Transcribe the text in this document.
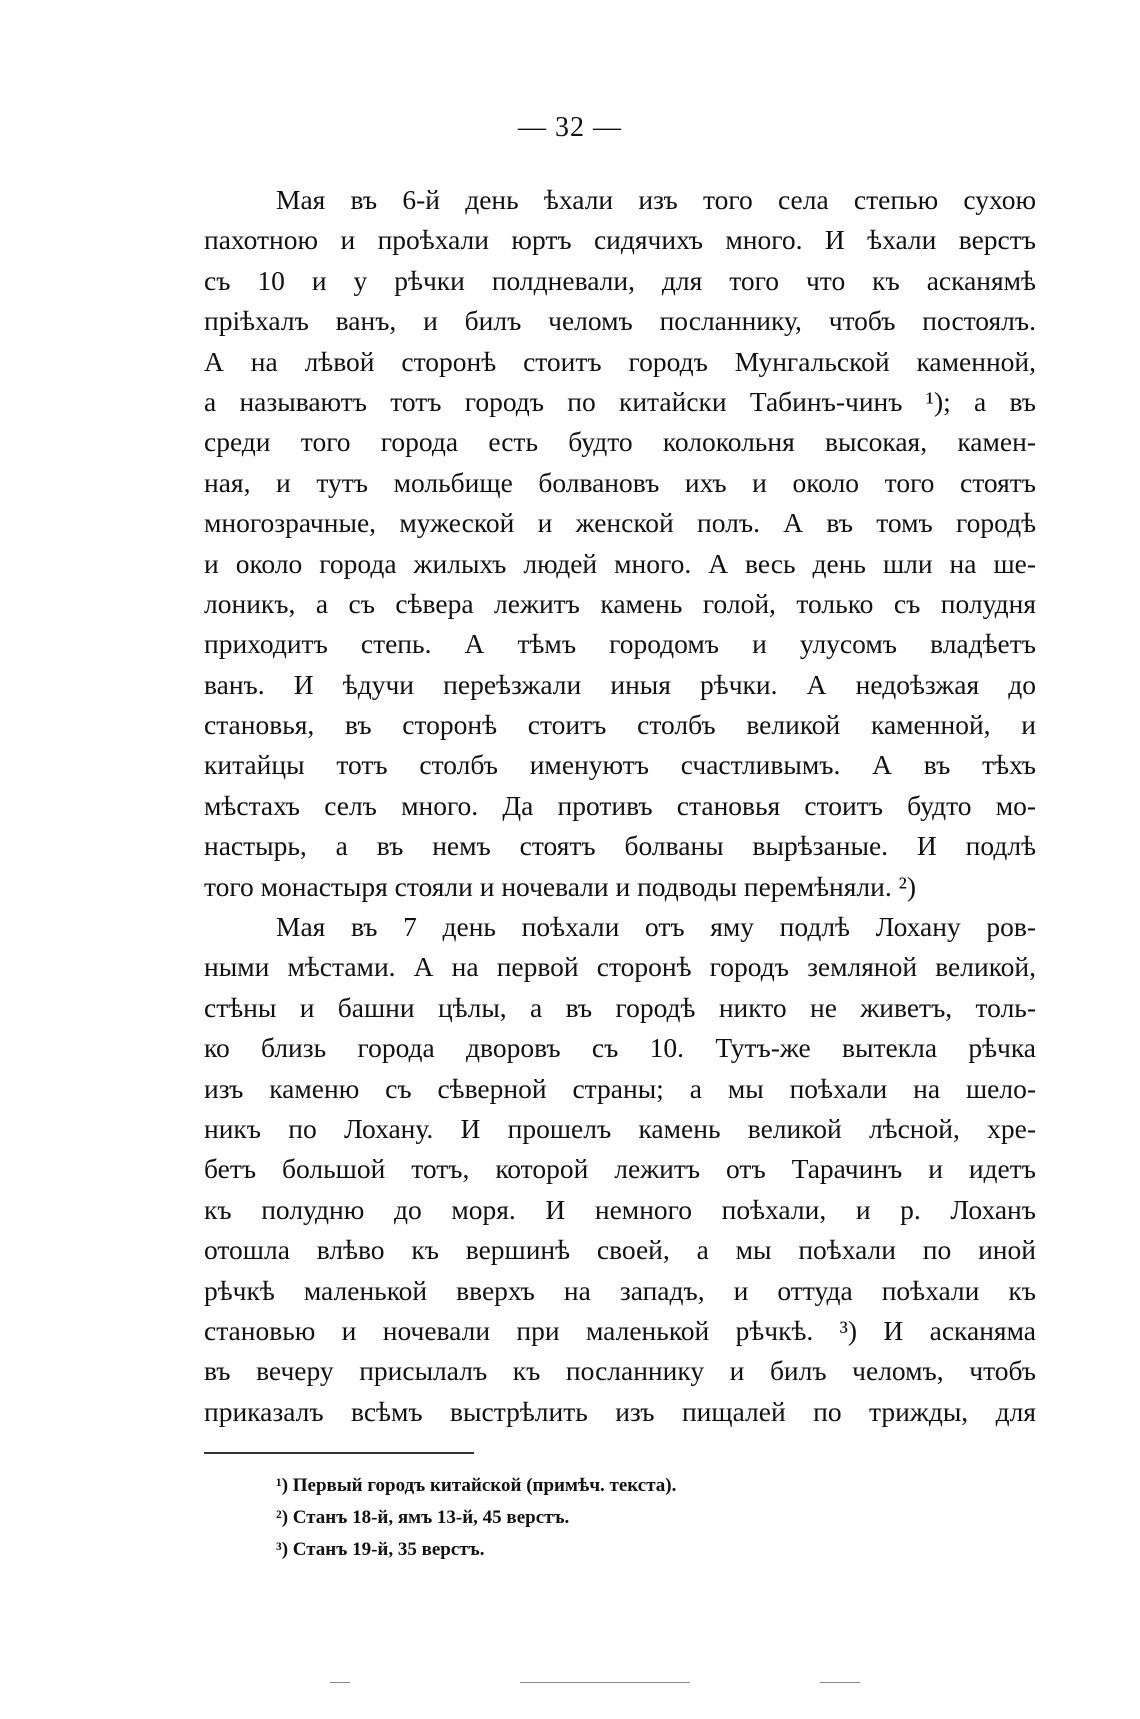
— 32 —
Мая въ 6-й день ѣхали изъ того села степью сухою
пахотною и проѣхали юртъ сидячихъ много. И ѣхали верстъ
съ 10 и у рѣчки полдневали, для того что къ асканямѣ
прiѣхалъ ванъ, и билъ челомъ посланнику, чтобъ постоялъ.
А на лѣвой сторонѣ стоитъ городъ Мунгальской каменной,
а называютъ тотъ городъ по китайски Табинъ-чинъ ¹); а въ
среди того города есть будто колокольня высокая, камен-
ная, и тутъ мольбище болвановъ ихъ и около того стоятъ
многозрачные, мужеской и женской полъ. А въ томъ городѣ
и около города жилыхъ людей много. А весь день шли на ше-
лоникъ, а съ сѣвера лежитъ камень голой, только съ полудня
приходитъ степь. А тѣмъ городомъ и улусомъ владѣетъ
ванъ. И ѣдучи переѣзжали иныя рѣчки. А недоѣзжая до
становья, въ сторонѣ стоитъ столбъ великой каменной, и
китайцы тотъ столбъ именуютъ счастливымъ. А въ тѣхъ
мѣстахъ селъ много. Да противъ становья стоитъ будто мо-
настырь, а въ немъ стоятъ болваны вырѣзаные. И подлѣ
того монастыря стояли и ночевали и подводы перемѣняли. ²)
Мая въ 7 день поѣхали отъ яму подлѣ Лохану ров-
ными мѣстами. А на первой сторонѣ городъ земляной великой,
стѣны и башни цѣлы, а въ городѣ никто не живетъ, толь-
ко близь города дворовъ съ 10. Тутъ-же вытекла рѣчка
изъ каменю съ сѣверной страны; а мы поѣхали на шело-
никъ по Лохану. И прошелъ камень великой лѣсной, хре-
бетъ большой тотъ, которой лежитъ отъ Тарачинъ и идетъ
къ полудню до моря. И немного поѣхали, и р. Лоханъ
отошла влѣво къ вершинѣ своей, а мы поѣхали по иной
рѣчкѣ маленькой вверхъ на западъ, и оттуда поѣхали къ
становью и ночевали при маленькой рѣчкѣ. ³) И асканяма
въ вечеру присылалъ къ посланнику и билъ челомъ, чтобъ
приказалъ всѣмъ выстрѣлить изъ пищалей по трижды, для
¹) Первый городъ китайской (примѣч. текста).
²) Станъ 18-й, ямъ 13-й, 45 верстъ.
³) Станъ 19-й, 35 верстъ.
